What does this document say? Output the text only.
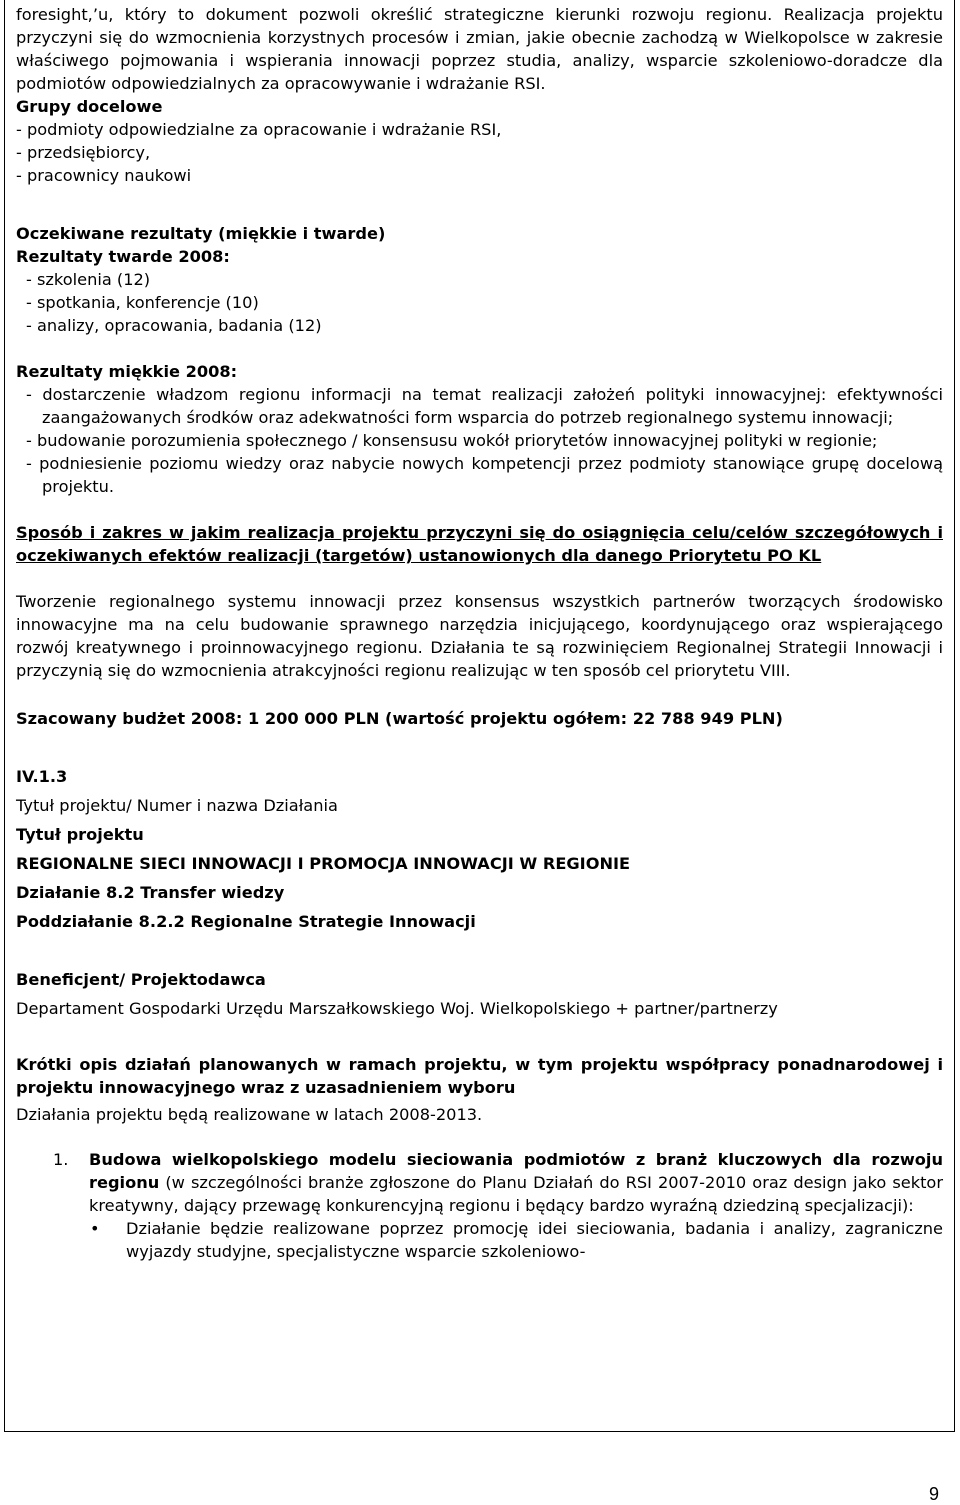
foresight,’u, który to dokument pozwoli określić strategiczne kierunki rozwoju regionu. Realizacja projektu przyczyni się do wzmocnienia korzystnych procesów i zmian, jakie obecnie zachodzą w Wielkopolsce w zakresie właściwego pojmowania i wspierania innowacji poprzez studia, analizy, wsparcie szkoleniowo-doradcze dla podmiotów odpowiedzialnych za opracowywanie i wdrażanie RSI.

Grupy docelowe

- podmioty odpowiedzialne za opracowanie i wdrażanie RSI,

- przedsiębiorcy,

- pracownicy naukowi

Oczekiwane rezultaty (miękkie i twarde)

Rezultaty twarde 2008:

- szkolenia (12)

- spotkania, konferencje (10)

- analizy, opracowania, badania (12)

Rezultaty miękkie 2008:

- dostarczenie władzom regionu informacji na temat realizacji założeń polityki innowacyjnej: efektywności zaangażowanych środków oraz adekwatności form wsparcia do potrzeb regionalnego systemu innowacji;

- budowanie porozumienia społecznego / konsensusu wokół priorytetów innowacyjnej polityki w regionie;

- podniesienie poziomu wiedzy oraz nabycie nowych kompetencji przez podmioty stanowiące grupę docelową projektu.

Sposób i zakres w jakim realizacja projektu przyczyni się do osiągnięcia celu/celów szczegółowych i oczekiwanych efektów realizacji (targetów) ustanowionych dla danego Priorytetu PO KL

Tworzenie regionalnego systemu innowacji przez konsensus wszystkich partnerów tworzących środowisko innowacyjne ma na celu budowanie sprawnego narzędzia inicjującego, koordynującego oraz wspierającego rozwój kreatywnego i proinnowacyjnego regionu. Działania te są rozwinięciem Regionalnej Strategii Innowacji i przyczynią się do wzmocnienia atrakcyjności regionu realizując w ten sposób cel priorytetu VIII.

Szacowany budżet 2008: 1 200 000 PLN (wartość projektu ogółem: 22 788 949 PLN)

IV.1.3

Tytuł projektu/ Numer i nazwa Działania

Tytuł projektu

REGIONALNE SIECI INNOWACJI I PROMOCJA INNOWACJI W REGIONIE

Działanie 8.2 Transfer wiedzy

Poddziałanie 8.2.2 Regionalne Strategie Innowacji

Beneficjent/ Projektodawca

Departament Gospodarki Urzędu Marszałkowskiego Woj. Wielkopolskiego + partner/partnerzy

Krótki opis działań planowanych w ramach projektu, w tym projektu współpracy ponadnarodowej i projektu innowacyjnego wraz z uzasadnieniem wyboru

Działania projektu będą realizowane w latach 2008-2013.

1. Budowa wielkopolskiego modelu sieciowania podmiotów z branż kluczowych dla rozwoju regionu (w szczególności branże zgłoszone do Planu Działań do RSI 2007-2010 oraz design jako sektor kreatywny, dający przewagę konkurencyjną regionu i będący bardzo wyraźną dziedziną specjalizacji):
• Działanie będzie realizowane poprzez promocję idei sieciowania, badania i analizy, zagraniczne wyjazdy studyjne, specjalistyczne wsparcie szkoleniowo-
9
